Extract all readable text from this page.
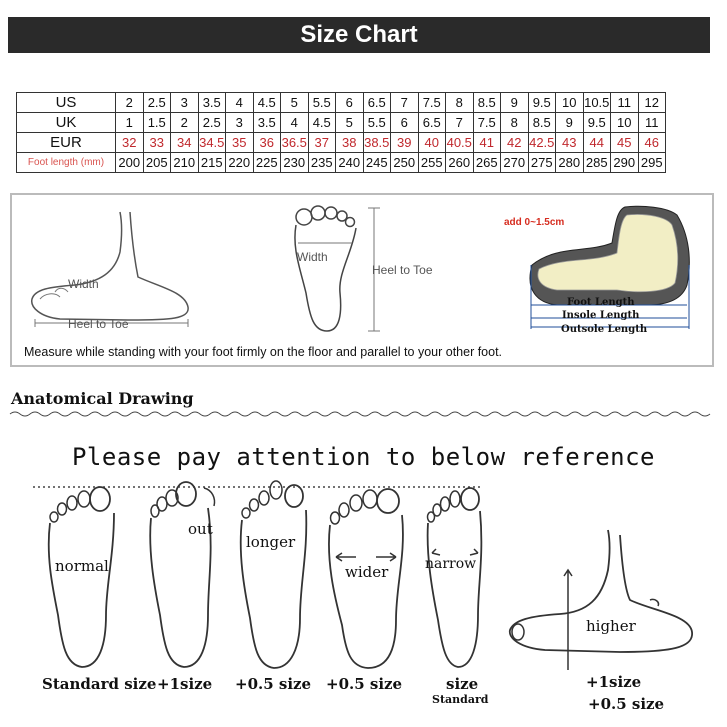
Size Chart
US	2	2.5	3	3.5	4	4.5	5	5.5	6	6.5	7	7.5	8	8.5	9	9.5	10	10.5	11	12
UK	1	1.5	2	2.5	3	3.5	4	4.5	5	5.5	6	6.5	7	7.5	8	8.5	9	9.5	10	11
EUR	32	33	34	34.5	35	36	36.5	37	38	38.5	39	40	40.5	41	42	42.5	43	44	45	46
Foot length (mm)	200	205	210	215	220	225	230	235	240	245	250	255	260	265	270	275	280	285	290	295
Width
Heel to Toe
Width
Heel to Toe
add 0~1.5cm
Foot Length
Insole Length
Outsole Length
Measure while standing with your foot firmly on the floor and parallel to your other foot.
Anatomical Drawing
Please pay attention to below reference
normal
Standard size
out
+1size
longer
+0.5 size
wider
+0.5 size
narrow
size
Standard
higher
+1size
+0.5 size
